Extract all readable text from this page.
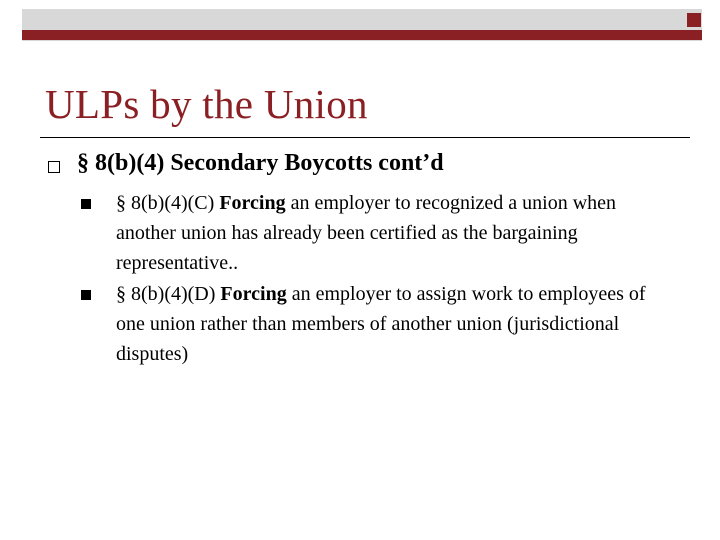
ULPs by the Union

§ 8(b)(4) Secondary Boycotts cont’d

§ 8(b)(4)(C) Forcing an employer to recognized a union when another union has already been certified as the bargaining representative..
§ 8(b)(4)(D) Forcing an employer to assign work to employees of one union rather than members of another union (jurisdictional disputes)
